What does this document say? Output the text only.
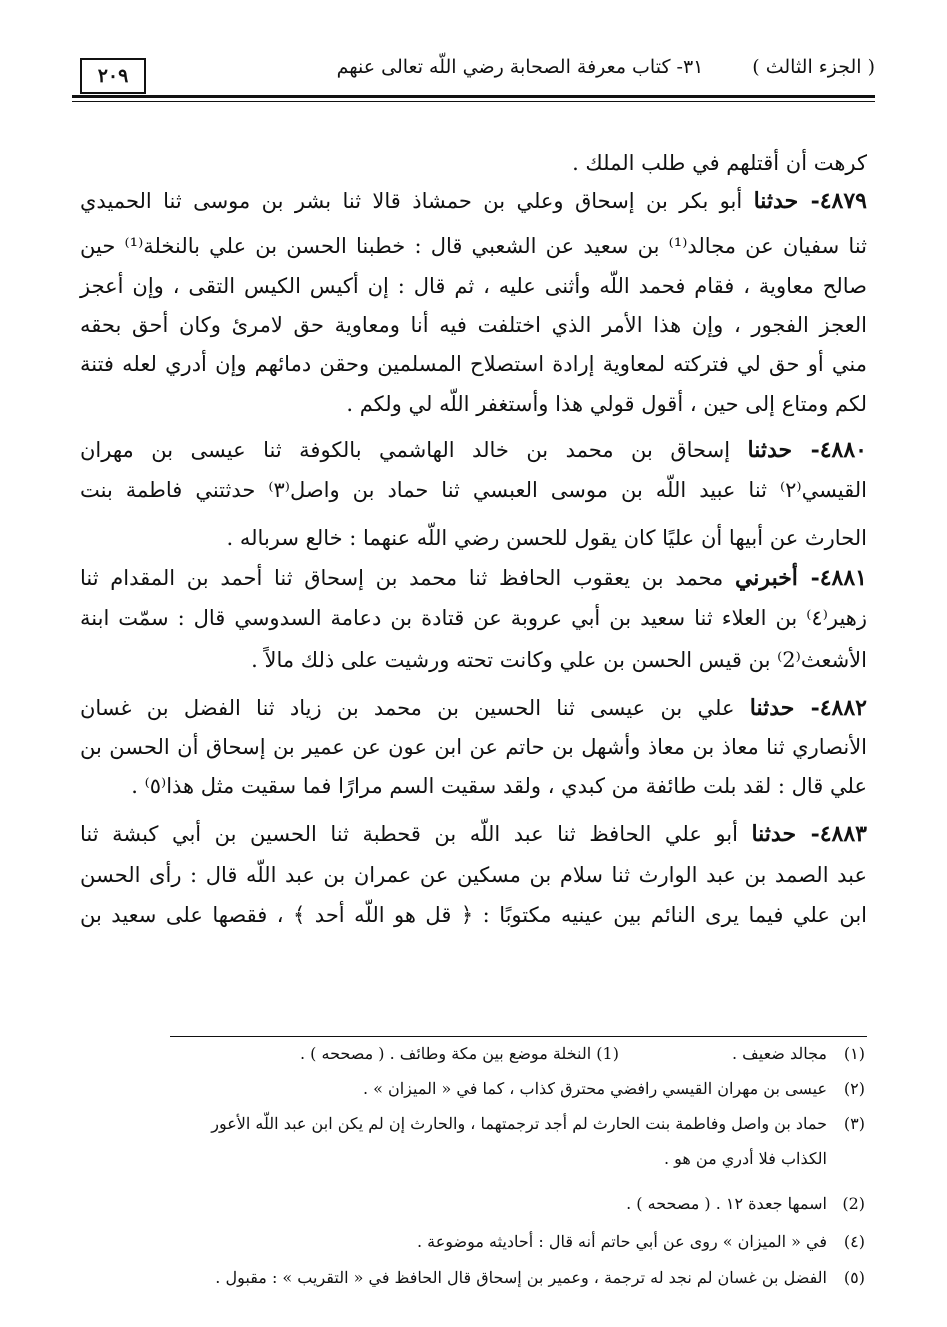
( الجزء الثالث )
٣١- كتاب معرفة الصحابة رضي اللّه تعالى عنهم
٢٠٩
كرهت أن أقتلهم في طلب الملك .
٤٨٧٩- حدثنا أبو بكر بن إسحاق وعلي بن حمشاذ قالا ثنا بشر بن موسى ثنا الحميدي
ثنا سفيان عن مجالد⁽¹⁾ بن سعيد عن الشعبي قال : خطبنا الحسن بن علي بالنخلة⁽¹⁾ حين
صالح معاوية ، فقام فحمد اللّه وأثنى عليه ، ثم قال : إن أكيس الكيس التقى ، وإن أعجز
العجز الفجور ، وإن هذا الأمر الذي اختلفت فيه أنا ومعاوية حق لامرئ وكان أحق بحقه
مني أو حق لي فتركته لمعاوية إرادة استصلاح المسلمين وحقن دمائهم وإن أدري لعله فتنة
لكم ومتاع إلى حين ، أقول قولي هذا وأستغفر اللّه لي ولكم .
٤٨٨٠- حدثنا إسحاق بن محمد بن خالد الهاشمي بالكوفة ثنا عيسى بن مهران
القيسي⁽٢⁾ ثنا عبيد اللّه بن موسى العبسي ثنا حماد بن واصل⁽٣⁾ حدثتني فاطمة بنت
الحارث عن أبيها أن عليًا كان يقول للحسن رضي اللّه عنهما : خالع سرباله .
٤٨٨١- أخبرني محمد بن يعقوب الحافظ ثنا محمد بن إسحاق ثنا أحمد بن المقدام ثنا
زهير⁽٤⁾ بن العلاء ثنا سعيد بن أبي عروبة عن قتادة بن دعامة السدوسي قال : سمّت ابنة
الأشعث⁽2⁾ بن قيس الحسن بن علي وكانت تحته ورشيت على ذلك مالاً .
٤٨٨٢- حدثنا علي بن عيسى ثنا الحسين بن محمد بن زياد ثنا الفضل بن غسان
الأنصاري ثنا معاذ بن معاذ وأشهل بن حاتم عن ابن عون عن عمير بن إسحاق أن الحسن بن
علي قال : لقد بلت طائفة من كبدي ، ولقد سقيت السم مرارًا فما سقيت مثل هذا⁽٥⁾ .
٤٨٨٣- حدثنا أبو علي الحافظ ثنا عبد اللّه بن قحطبة ثنا الحسين بن أبي كبشة ثنا
عبد الصمد بن عبد الوارث ثنا سلام بن مسكين عن عمران بن عبد اللّه قال : رأى الحسن
ابن علي فيما يرى النائم بين عينيه مكتوبًا : ﴿ قل هو اللّه أحد ﴾ ، فقصها على سعيد بن
(١)مجالد ضعيف .
(1) النخلة موضع بين مكة وطائف . ( مصححه ) .
(٢)عيسى بن مهران القيسي رافضي محترق كذاب ، كما في « الميزان » .
(٣)حماد بن واصل وفاطمة بنت الحارث لم أجد ترجمتهما ، والحارث إن لم يكن ابن عبد اللّه الأعور
الكذاب فلا أدري من هو .
(2)اسمها جعدة ١٢ . ( مصححه ) .
(٤)في « الميزان » روى عن أبي حاتم أنه قال : أحاديثه موضوعة .
(٥)الفضل بن غسان لم نجد له ترجمة ، وعمير بن إسحاق قال الحافظ في « التقريب » : مقبول .
